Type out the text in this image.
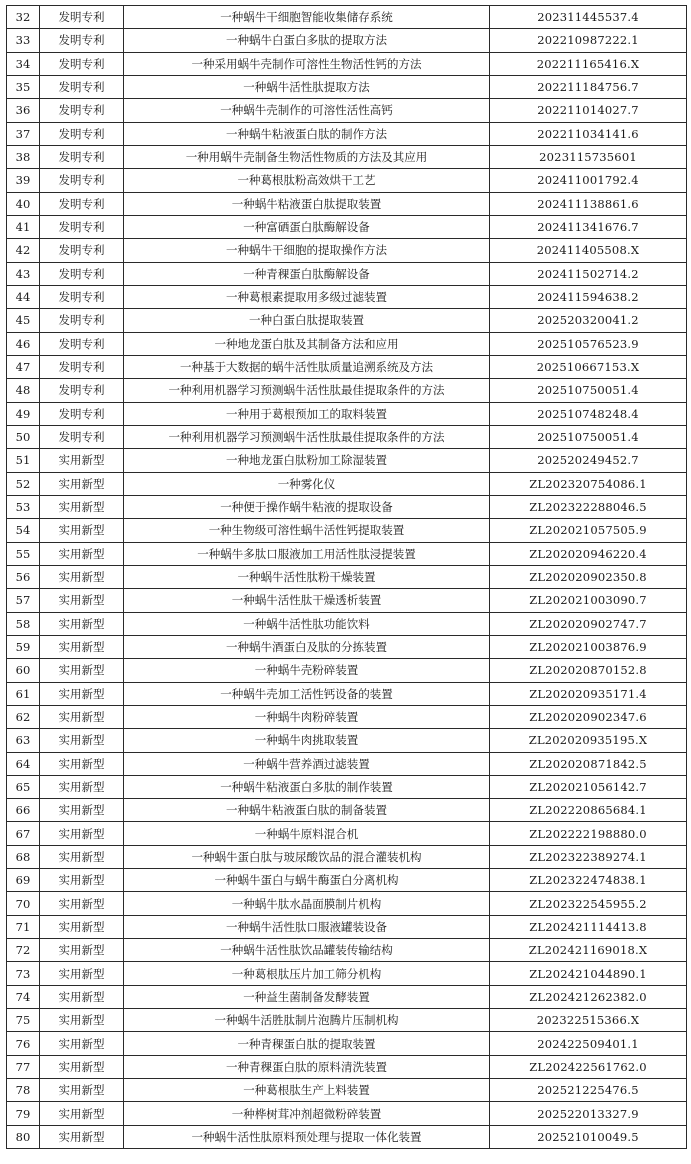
32	发明专利	一种蜗牛干细胞智能收集储存系统	202311445537.4
33	发明专利	一种蜗牛白蛋白多肽的提取方法	202210987222.1
34	发明专利	一种采用蜗牛壳制作可溶性生物活性钙的方法	202211165416.X
35	发明专利	一种蜗牛活性肽提取方法	202211184756.7
36	发明专利	一种蜗牛壳制作的可溶性活性高钙	202211014027.7
37	发明专利	一种蜗牛粘液蛋白肽的制作方法	202211034141.6
38	发明专利	一种用蜗牛壳制备生物活性物质的方法及其应用	2023115735601
39	发明专利	一种葛根肽粉高效烘干工艺	202411001792.4
40	发明专利	一种蜗牛粘液蛋白肽提取装置	202411138861.6
41	发明专利	一种富硒蛋白肽酶解设备	202411341676.7
42	发明专利	一种蜗牛干细胞的提取操作方法	202411405508.X
43	发明专利	一种青稞蛋白肽酶解设备	202411502714.2
44	发明专利	一种葛根素提取用多级过滤装置	202411594638.2
45	发明专利	一种白蛋白肽提取装置	202520320041.2
46	发明专利	一种地龙蛋白肽及其制备方法和应用	202510576523.9
47	发明专利	一种基于大数据的蜗牛活性肽质量追溯系统及方法	202510667153.X
48	发明专利	一种利用机器学习预测蜗牛活性肽最佳提取条件的方法	202510750051.4
49	发明专利	一种用于葛根预加工的取料装置	202510748248.4
50	发明专利	一种利用机器学习预测蜗牛活性肽最佳提取条件的方法	202510750051.4
51	实用新型	一种地龙蛋白肽粉加工除湿装置	202520249452.7
52	实用新型	一种雾化仪	ZL202320754086.1
53	实用新型	一种便于操作蜗牛粘液的提取设备	ZL202322288046.5
54	实用新型	一种生物级可溶性蜗牛活性钙提取装置	ZL202021057505.9
55	实用新型	一种蜗牛多肽口服液加工用活性肽浸提装置	ZL202020946220.4
56	实用新型	一种蜗牛活性肽粉干燥装置	ZL202020902350.8
57	实用新型	一种蜗牛活性肽干燥透析装置	ZL202021003090.7
58	实用新型	一种蜗牛活性肽功能饮料	ZL202020902747.7
59	实用新型	一种蜗牛酒蛋白及肽的分拣装置	ZL202021003876.9
60	实用新型	一种蜗牛壳粉碎装置	ZL202020870152.8
61	实用新型	一种蜗牛壳加工活性钙设备的装置	ZL202020935171.4
62	实用新型	一种蜗牛肉粉碎装置	ZL202020902347.6
63	实用新型	一种蜗牛肉挑取装置	ZL202020935195.X
64	实用新型	一种蜗牛营养酒过滤装置	ZL202020871842.5
65	实用新型	一种蜗牛粘液蛋白多肽的制作装置	ZL202021056142.7
66	实用新型	一种蜗牛粘液蛋白肽的制备装置	ZL202220865684.1
67	实用新型	一种蜗牛原料混合机	ZL202222198880.0
68	实用新型	一种蜗牛蛋白肽与玻尿酸饮品的混合灌装机构	ZL202322389274.1
69	实用新型	一种蜗牛蛋白与蜗牛酶蛋白分离机构	ZL202322474838.1
70	实用新型	一种蜗牛肽水晶面膜制片机构	ZL202322545955.2
71	实用新型	一种蜗牛活性肽口服液罐装设备	ZL202421114413.8
72	实用新型	一种蜗牛活性肽饮品罐装传输结构	ZL202421169018.X
73	实用新型	一种葛根肽压片加工筛分机构	ZL202421044890.1
74	实用新型	一种益生菌制备发酵装置	ZL202421262382.0
75	实用新型	一种蜗牛活胜肽制片泡腾片压制机构	202322515366.X
76	实用新型	一种青稞蛋白肽的提取装置	202422509401.1
77	实用新型	一种青稞蛋白肽的原料清洗装置	ZL202422561762.0
78	实用新型	一种葛根肽生产上料装置	202521225476.5
79	实用新型	一种桦树茸冲剂超微粉碎装置	202522013327.9
80	实用新型	一种蜗牛活性肽原料预处理与提取一体化装置	202521010049.5
